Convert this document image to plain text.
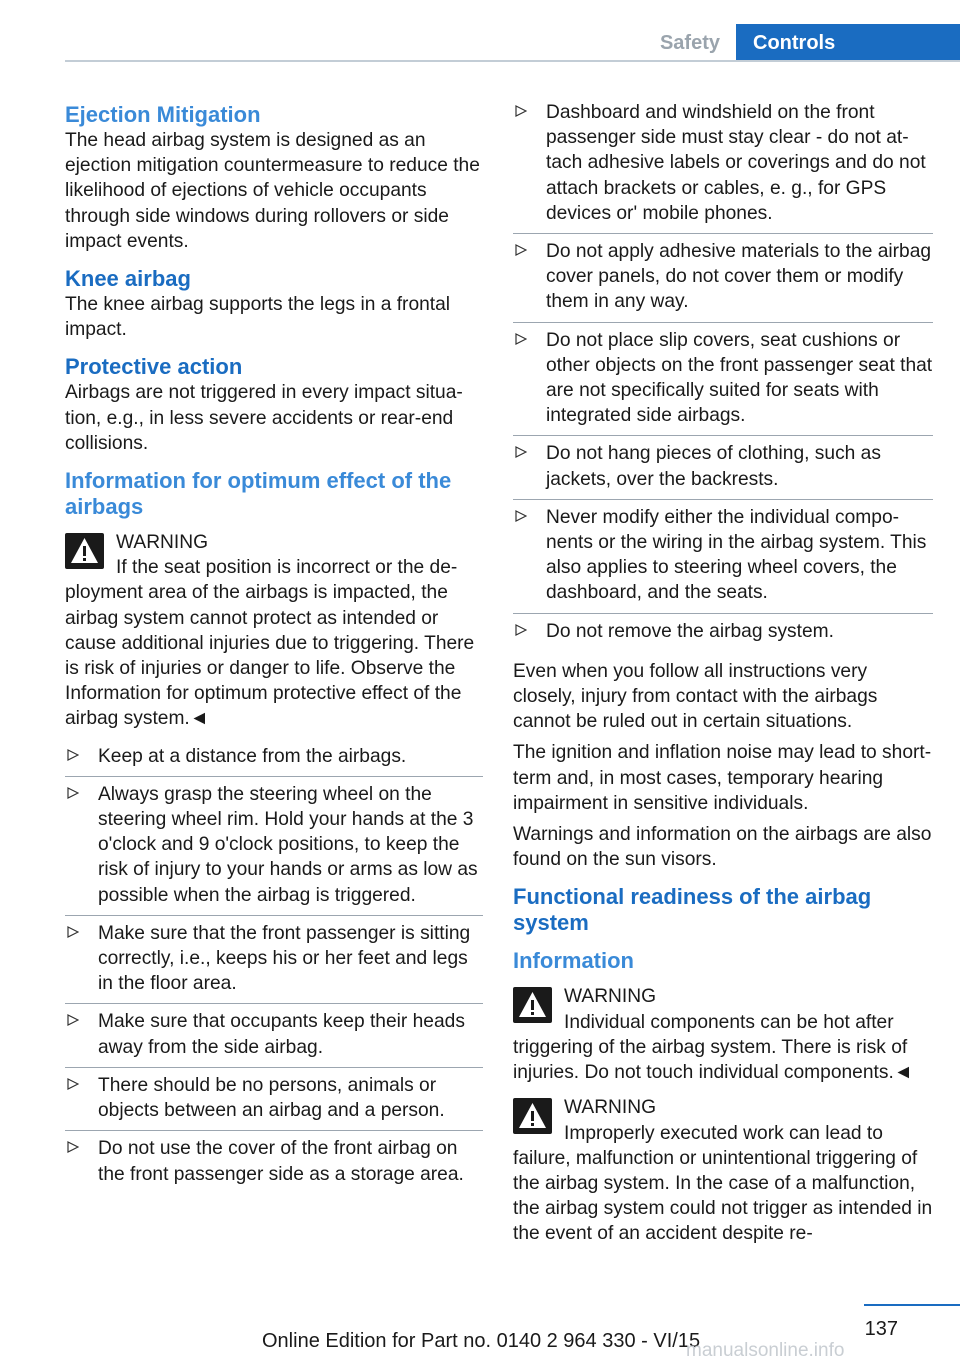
Safety	Controls
Ejection Mitigation

The head airbag system is designed as an ejection mitigation countermeasure to reduce the likelihood of ejections of vehicle occupants through side windows during rollovers or side impact events.

Knee airbag

The knee airbag supports the legs in a frontal impact.

Protective action

Airbags are not triggered in every impact situation, e.g., in less severe accidents or rear-end collisions.

Information for optimum effect of the airbags
WARNING
If the seat position is incorrect or the deployment area of the airbags is impacted, the airbag system cannot protect as intended or cause additional injuries due to triggering. There is risk of injuries or danger to life. Observe the Information for optimum protective effect of the airbag system.◄
Keep at a distance from the airbags.
Always grasp the steering wheel on the steering wheel rim. Hold your hands at the 3 o'clock and 9 o'clock positions, to keep the risk of injury to your hands or arms as low as possible when the airbag is triggered.
Make sure that the front passenger is sitting correctly, i.e., keeps his or her feet and legs in the floor area.
Make sure that occupants keep their heads away from the side airbag.
There should be no persons, animals or objects between an airbag and a person.
Do not use the cover of the front airbag on the front passenger side as a storage area.
Dashboard and windshield on the front passenger side must stay clear - do not attach adhesive labels or coverings and do not attach brackets or cables, e. g., for GPS devices or' mobile phones.
Do not apply adhesive materials to the airbag cover panels, do not cover them or modify them in any way.
Do not place slip covers, seat cushions or other objects on the front passenger seat that are not specifically suited for seats with integrated side airbags.
Do not hang pieces of clothing, such as jackets, over the backrests.
Never modify either the individual components or the wiring in the airbag system. This also applies to steering wheel covers, the dashboard, and the seats.
Do not remove the airbag system.

Even when you follow all instructions very closely, injury from contact with the airbags cannot be ruled out in certain situations.

The ignition and inflation noise may lead to short-term and, in most cases, temporary hearing impairment in sensitive individuals.

Warnings and information on the airbags are also found on the sun visors.

Functional readiness of the airbag system
Information
WARNING
Individual components can be hot after triggering of the airbag system. There is risk of injuries. Do not touch individual components.◄
WARNING
Improperly executed work can lead to failure, malfunction or unintentional triggering of the airbag system. In the case of a malfunction, the airbag system could not trigger as intended in the event of an accident despite re-
137
Online Edition for Part no. 0140 2 964 330 - VI/15
manualsonline.info
